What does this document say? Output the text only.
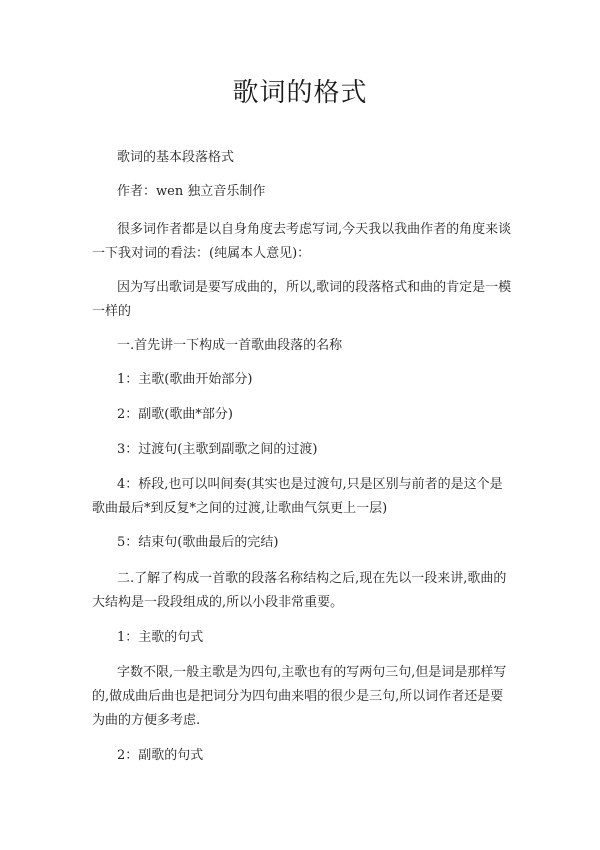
歌词的格式

歌词的基本段落格式

作者：wen 独立音乐制作

很多词作者都是以自身角度去考虑写词,今天我以我曲作者的角度来谈一下我对词的看法：(纯属本人意见)：

因为写出歌词是要写成曲的，所以,歌词的段落格式和曲的肯定是一模一样的

一.首先讲一下构成一首歌曲段落的名称

1：主歌(歌曲开始部分)

2：副歌(歌曲*部分)

3：过渡句(主歌到副歌之间的过渡)

4：桥段,也可以叫间奏(其实也是过渡句,只是区别与前者的是这个是歌曲最后*到反复*之间的过渡,让歌曲气氛更上一层)

5：结束句(歌曲最后的完结)

二.了解了构成一首歌的段落名称结构之后,现在先以一段来讲,歌曲的大结构是一段段组成的,所以小段非常重要。

1：主歌的句式

字数不限,一般主歌是为四句,主歌也有的写两句三句,但是词是那样写的,做成曲后曲也是把词分为四句曲来唱的很少是三句,所以词作者还是要为曲的方便多考虑.

2：副歌的句式
